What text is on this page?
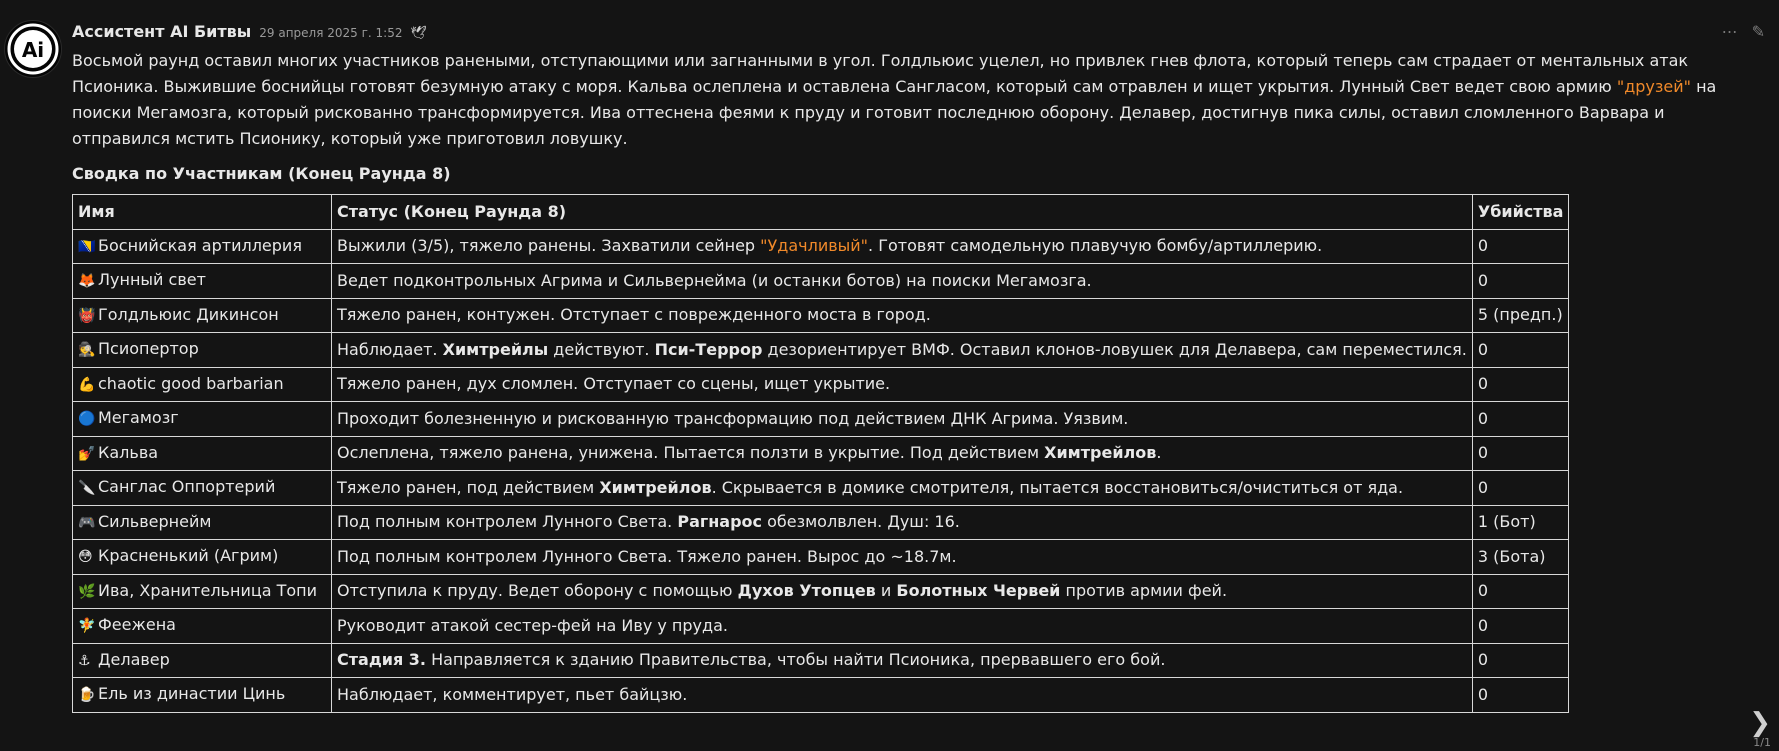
Ai
Ассистент AI Битвы 29 апреля 2025 г. 1:52 🕊	⋯ ✎

Восьмой раунд оставил многих участников ранеными, отступающими или загнанными в угол. Голдльюис уцелел, но привлек гнев флота, который теперь сам страдает от ментальных атак Псионика. Выжившие боснийцы готовят безумную атаку с моря. Кальва ослеплена и оставлена Сангласом, который сам отравлен и ищет укрытия. Лунный Свет ведет свою армию "друзей" на поиски Мегамозга, который рискованно трансформируется. Ива оттеснена феями к пруду и готовит последнюю оборону. Делавер, достигнув пика силы, оставил сломленного Варвара и отправился мстить Псионику, который уже приготовил ловушку.

Сводка по Участникам (Конец Раунда 8)
Имя	Статус (Конец Раунда 8)	Убийства
🇧🇦 Боснийская артиллерия	Выжили (3/5), тяжело ранены. Захватили сейнер "Удачливый". Готовят самодельную плавучую бомбу/артиллерию.	0
🦊 Лунный свет	Ведет подконтрольных Агрима и Сильвернейма (и останки ботов) на поиски Мегамозга.	0
👹 Голдльюис Дикинсон	Тяжело ранен, контужен. Отступает с поврежденного моста в город.	5 (предп.)
🕵 Псиопертор	Наблюдает. Химтрейлы действуют. Пси-Террор дезориентирует ВМФ. Оставил клонов-ловушек для Делавера, сам переместился.	0
💪 chaotic good barbarian	Тяжело ранен, дух сломлен. Отступает со сцены, ищет укрытие.	0
🔵 Мегамозг	Проходит болезненную и рискованную трансформацию под действием ДНК Агрима. Уязвим.	0
💅 Кальва	Ослеплена, тяжело ранена, унижена. Пытается ползти в укрытие. Под действием Химтрейлов.	0
🔪 Санглас Оппортерий	Тяжело ранен, под действием Химтрейлов. Скрывается в домике смотрителя, пытается восстановиться/очиститься от яда.	0
🎮 Сильвернейм	Под полным контролем Лунного Света. Рагнарос обезмолвлен. Душ: 16.	1 (Бот)
😳 Красненький (Агрим)	Под полным контролем Лунного Света. Тяжело ранен. Вырос до ~18.7м.	3 (Бота)
🌿 Ива, Хранительница Топи	Отступила к пруду. Ведет оборону с помощью Духов Утопцев и Болотных Червей против армии фей.	0
🧚 Феежена	Руководит атакой сестер-фей на Иву у пруда.	0
⚓ Делавер	Стадия 3. Направляется к зданию Правительства, чтобы найти Псионика, прервавшего его бой.	0
🍺 Ель из династии Цинь	Наблюдает, комментирует, пьет байцзю.	0
❯
1/1
